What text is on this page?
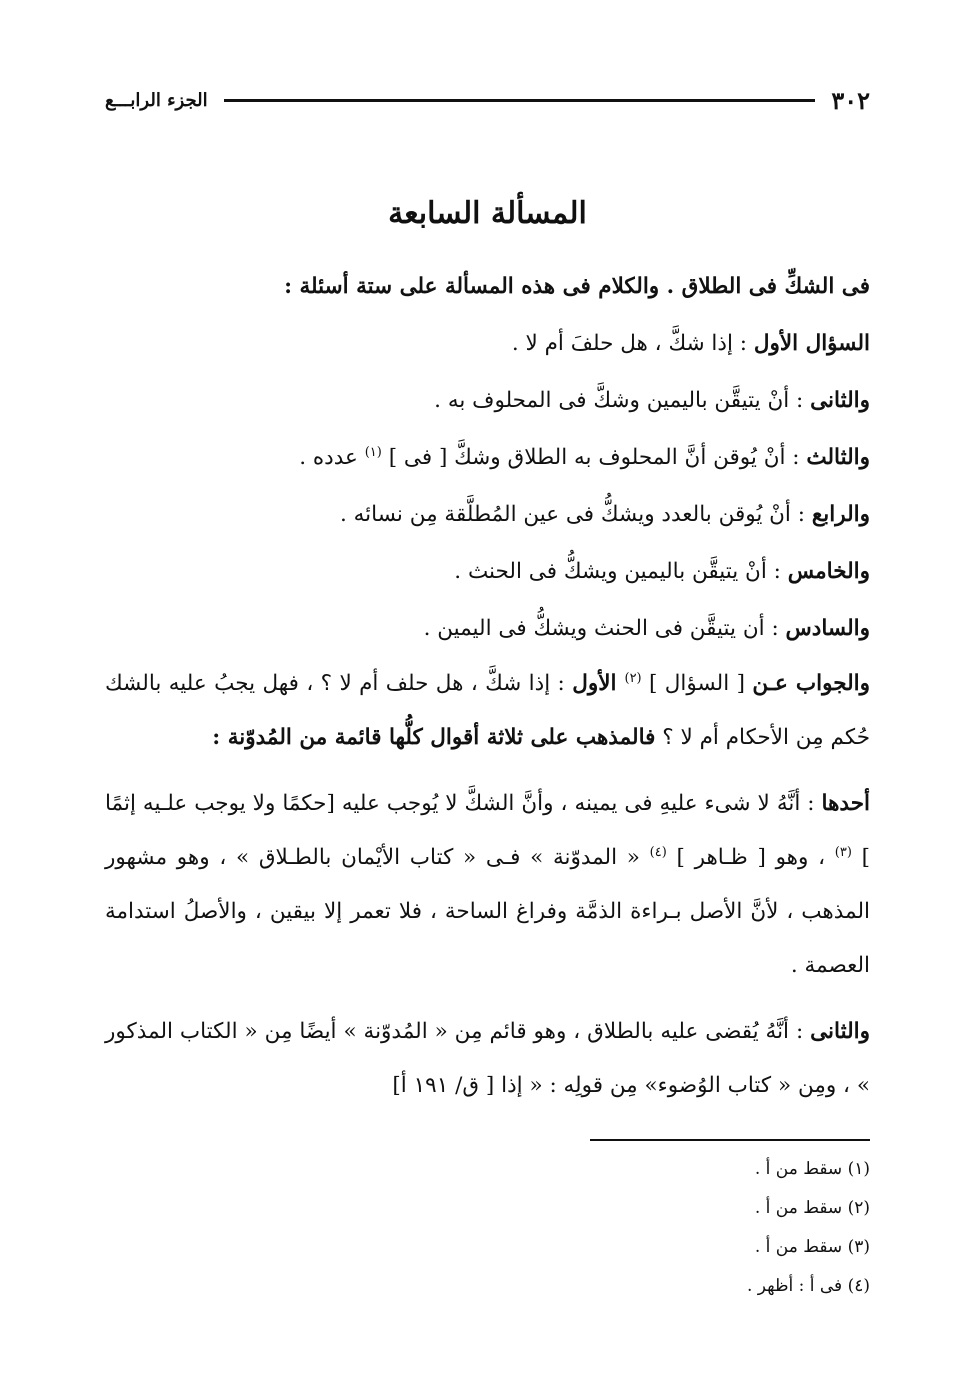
٣٠٢
الجزء الرابـــع
المسألة السابعة

فى الشكِّ فى الطلاق . والكلام فى هذه المسألة على ستة أسئلة :

السؤال الأول : إذا شكَّ ، هل حلفَ أم لا .

والثانى : أنْ يتيقَّن باليمين وشكَّ فى المحلوف به .

والثالث : أنْ يُوقن أنَّ المحلوف به الطلاق وشكَّ [ فى ] $^{(١)}$ عدده .

والرابع : أنْ يُوقن بالعدد ويشكُّ فى عين المُطلَّقة مِن نسائه .

والخامس : أنْ يتيقَّن باليمين ويشكُّ فى الحنث .

والسادس : أن يتيقَّن فى الحنث ويشكُّ فى اليمين .

والجواب عـن [ السؤال ] $^{(٢)}$ الأول : إذا شكَّ ، هل حلف أم لا ؟ ، فهل يجبُ عليه بالشك حُكم مِن الأحكام أم لا ؟ فالمذهب على ثلاثة أقوال كلُّها قائمة من المُدوّنة :

أحدها : أنَّهُ لا شىء عليهِ فى يمينه ، وأنَّ الشكَّ لا يُوجب عليه [حكمًا ولا يوجب علـيه إثمًا ] $^{(٣)}$ ، وهو [ ظـاهر ] $^{(٤)}$ « المدوّنة » فـى « كتاب الأيْمان بالطـلاق » ، وهو مشهور المذهب ، لأنَّ الأصل بـراءة الذمَّة وفراغ الساحة ، فلا تعمر إلا بيقين ، والأصلُ استدامة العصمة .

والثانى : أنَّهُ يُقضى عليه بالطلاق ، وهو قائم مِن « المُدوّنة » أيضًا مِن « الكتاب المذكور » ، ومِن « كتاب الوُضوء» مِن قولِه : « إذا [ ق/ ١٩١ أ]

(١) سقط من أ .

(٢) سقط من أ .

(٣) سقط من أ .

(٤) فى أ : أظهر .
